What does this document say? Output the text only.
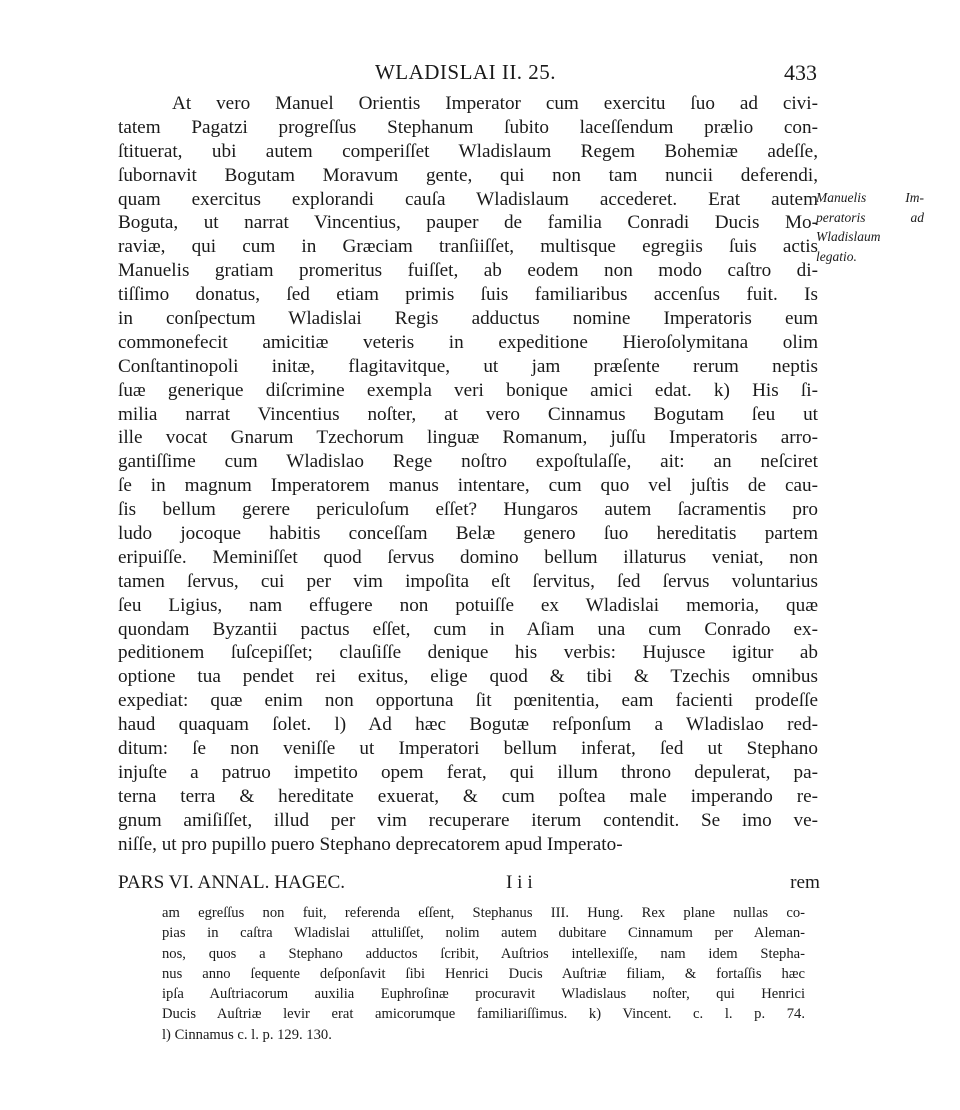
WLADISLAI II. 25.	433
At vero Manuel Orientis Imperator cum exercitu ſuo ad civi-
tatem Pagatzi progreſſus Stephanum ſubito laceſſendum prælio con-
ſtituerat, ubi autem comperiſſet Wladislaum Regem Bohemiæ adeſſe,
ſubornavit Bogutam Moravum gente, qui non tam nuncii deferendi,
quam exercitus explorandi cauſa Wladislaum accederet. Erat autem
Boguta, ut narrat Vincentius, pauper de familia Conradi Ducis Mo-
raviæ, qui cum in Græciam tranſiiſſet, multisque egregiis ſuis actis
Manuelis gratiam promeritus fuiſſet, ab eodem non modo caſtro di-
tiſſimo donatus, ſed etiam primis ſuis familiaribus accenſus fuit. Is
in conſpectum Wladislai Regis adductus nomine Imperatoris eum
commonefecit amicitiæ veteris in expeditione Hieroſolymitana olim
Conſtantinopoli initæ, flagitavitque, ut jam præſente rerum neptis
ſuæ generique diſcrimine exempla veri bonique amici edat. k) His ſi-
milia narrat Vincentius noſter, at vero Cinnamus Bogutam ſeu ut
ille vocat Gnarum Tzechorum linguæ Romanum, juſſu Imperatoris arro-
gantiſſime cum Wladislao Rege noſtro expoſtulaſſe, ait: an neſciret
ſe in magnum Imperatorem manus intentare, cum quo vel juſtis de cau-
ſis bellum gerere periculoſum eſſet? Hungaros autem ſacramentis pro
ludo jocoque habitis conceſſam Belæ genero ſuo hereditatis partem
eripuiſſe. Meminiſſet quod ſervus domino bellum illaturus veniat, non
tamen ſervus, cui per vim impoſita eſt ſervitus, ſed ſervus voluntarius
ſeu Ligius, nam effugere non potuiſſe ex Wladislai memoria, quæ
quondam Byzantii pactus eſſet, cum in Aſiam una cum Conrado ex-
peditionem ſuſcepiſſet; clauſiſſe denique his verbis: Hujusce igitur ab
optione tua pendet rei exitus, elige quod & tibi & Tzechis omnibus
expediat: quæ enim non opportuna ſit pœnitentia, eam facienti prodeſſe
haud quaquam ſolet. l) Ad hæc Bogutæ reſponſum a Wladislao red-
ditum: ſe non veniſſe ut Imperatori bellum inferat, ſed ut Stephano
injuſte a patruo impetito opem ferat, qui illum throno depulerat, pa-
terna terra & hereditate exuerat, & cum poſtea male imperando re-
gnum amiſiſſet, illud per vim recuperare iterum contendit. Se imo ve-
niſſe, ut pro pupillo puero Stephano deprecatorem apud Imperato-
Manuelis Im-
peratoris ad
Wladislaum
legatio.
PARS VI. ANNAL. HAGEC.	I i i	rem
am egreſſus non fuit, referenda eſſent, Stephanus III. Hung. Rex plane nullas co-
pias in caſtra Wladislai attuliſſet, nolim autem dubitare Cinnamum per Aleman-
nos, quos a Stephano adductos ſcribit, Auſtrios intellexiſſe, nam idem Stepha-
nus anno ſequente deſponſavit ſibi Henrici Ducis Auſtriæ filiam, & fortaſſis hæc
ipſa Auſtriacorum auxilia Euphroſinæ procuravit Wladislaus noſter, qui Henrici
Ducis Auſtriæ levir erat amicorumque familiariſſimus. k) Vincent. c. l. p. 74.
l) Cinnamus c. l. p. 129. 130.
